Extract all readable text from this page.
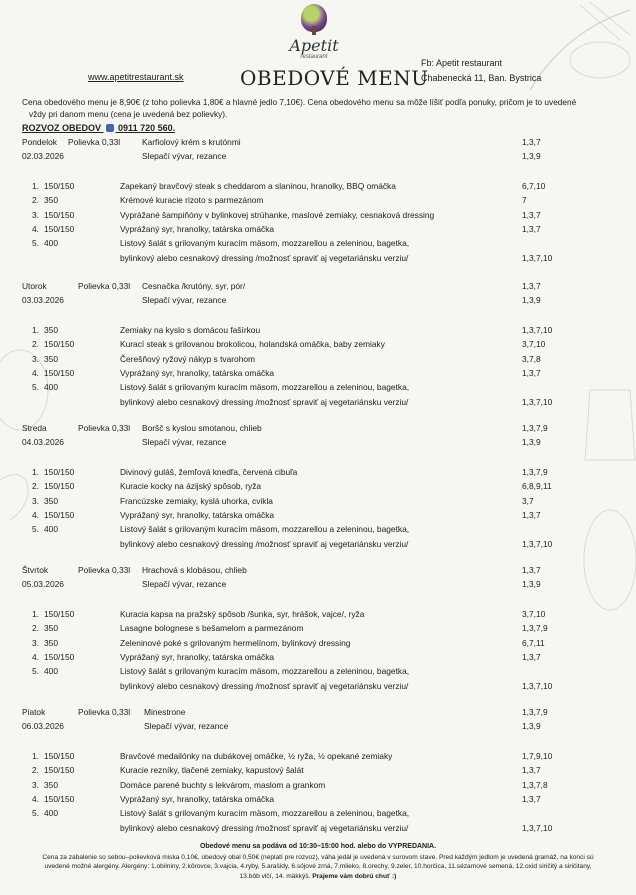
Apetit
restaurant
www.apetitrestaurant.sk	OBEDOVÉ MENU
Fb: Apetit restaurant
Chabenecká 11, Ban. Bystrica
Cena obedového menu je 8,90€ (z toho polievka 1,80€ a hlavné jedlo 7,10€). Cena obedového menu sa môže líšiť podľa ponuky, pričom je to uvedené
vždy pri danom menu (cena je uvedená bez polievky).
ROZVOZ OBEDOV 0911 720 560.
Pondelok Polievka 0,33l	Karfiolový krém s krutónmi	1,3,7
02.03.2026	Slepačí vývar, rezance	1,3,9
1. 150/150	Zapekaný bravčový steak s cheddarom a slaninou, hranolky, BBQ omáčka	6,7,10
2. 350	Krémové kuracie rizoto s parmezánom	7
3. 150/150	Vyprážané šampiňóny v bylinkovej strúhanke, maslové zemiaky, cesnaková dressing	1,3,7
4. 150/150	Vyprážaný syr, hranolky, tatárska omáčka	1,3,7
5. 400	Listový šalát s grilovaným kuracím mäsom, mozzarellou a zeleninou, bagetka,
bylinkový alebo cesnakový dressing /možnosť spraviť aj vegetariánsku verziu/	1,3,7,10
Utorok	Polievka 0,33l Cesnačka /krutóny, syr, pór/	1,3,7
03.03.2026	Slepačí vývar, rezance	1,3,9
1. 350	Zemiaky na kyslo s domácou fašírkou	1,3,7,10
2. 150/150	Kurací steak s grilovanou brokolicou, holandská omáčka, baby zemiaky	3,7,10
3. 350	Čerešňový ryžový nákyp s tvarohom	3,7,8
4. 150/150	Vyprážaný syr, hranolky, tatárska omáčka	1,3,7
5. 400	Listový šalát s grilovaným kuracím mäsom, mozzarellou a zeleninou, bagetka,
bylinkový alebo cesnakový dressing /možnosť spraviť aj vegetariánsku verziu/	1,3,7,10
Streda	Polievka 0,33l Boršč s kyslou smotanou, chlieb	1,3,7,9
04.03.2026	Slepačí vývar, rezance	1,3,9
1. 150/150	Divinový guláš, žemľová knedľa, červená cibuľa	1,3,7,9
2. 150/150	Kuracie kocky na ázijský spôsob, ryža	6,8,9,11
3. 350	Francúzske zemiaky, kyslá uhorka, cvikla	3,7
4. 150/150	Vyprážaný syr, hranolky, tatárska omáčka	1,3,7
5. 400	Listový šalát s grilovaným kuracím mäsom, mozzarellou a zeleninou, bagetka,
bylinkový alebo cesnakový dressing /možnosť spraviť aj vegetariánsku verziu/	1,3,7,10
Štvrtok	Polievka 0,33l Hrachová s klobásou, chlieb	1,3,7
05.03.2026	Slepačí vývar, rezance	1,3,9
1. 150/150	Kuracia kapsa na pražský spôsob /šunka, syr, hrášok, vajce/, ryža	3,7,10
2. 350	Lasagne bolognese s bešamelom a parmezánom	1,3,7,9
3. 350	Zeleninové poké s grilovaným hermelínom, bylinkový dressing	6,7,11
4. 150/150	Vyprážaný syr, hranolky, tatárska omáčka	1,3,7
5. 400	Listový šalát s grilovaným kuracím mäsom, mozzarellou a zeleninou, bagetka,
bylinkový alebo cesnakový dressing /možnosť spraviť aj vegetariánsku verziu/	1,3,7,10
Piatok	Polievka 0,33l Minestrone	1,3,7,9
06.03.2026	Slepačí vývar, rezance	1,3,9
1. 150/150	Bravčové medailónky na dubákovej omáčke, ½ ryža, ½ opekané zemiaky	1,7,9,10
2. 150/150	Kuracie rezníky, tlačené zemiaky, kapustový šalát	1,3,7
3. 350	Domáce parené buchty s lekvárom, maslom a grankom	1,3,7,8
4. 150/150	Vyprážaný syr, hranolky, tatárska omáčka	1,3,7
5. 400	Listový šalát s grilovaným kuracím mäsom, mozzarellou a zeleninou, bagetka,
bylinkový alebo cesnakový dressing /možnosť spraviť aj vegetariánsku verziu/	1,3,7,10
Obedové menu sa podáva od 10:30–15:00 hod. alebo do VYPREDANIA.
Cena za zabalenie so sebou–polievková miska 0,10€, obedový obal 0,50€ (neplatí pre rozvoz), váha jedál je uvedená v surovom stave. Pred každým jedlom je uvedená gramáž, na konci sú
uvedené možné alergény. Alergény: 1.obilniny, 2.kôrovce, 3.vajcia, 4.ryby, 5.arašidy, 6.sójové zrná, 7.mlieko, 8.orechy, 9.zeler, 10.horčica, 11.sézamové semená, 12.oxid siričitý a siričitany,
13.bôb vlčí, 14. mäkkýš. Prajeme vám dobrú chuť :)
